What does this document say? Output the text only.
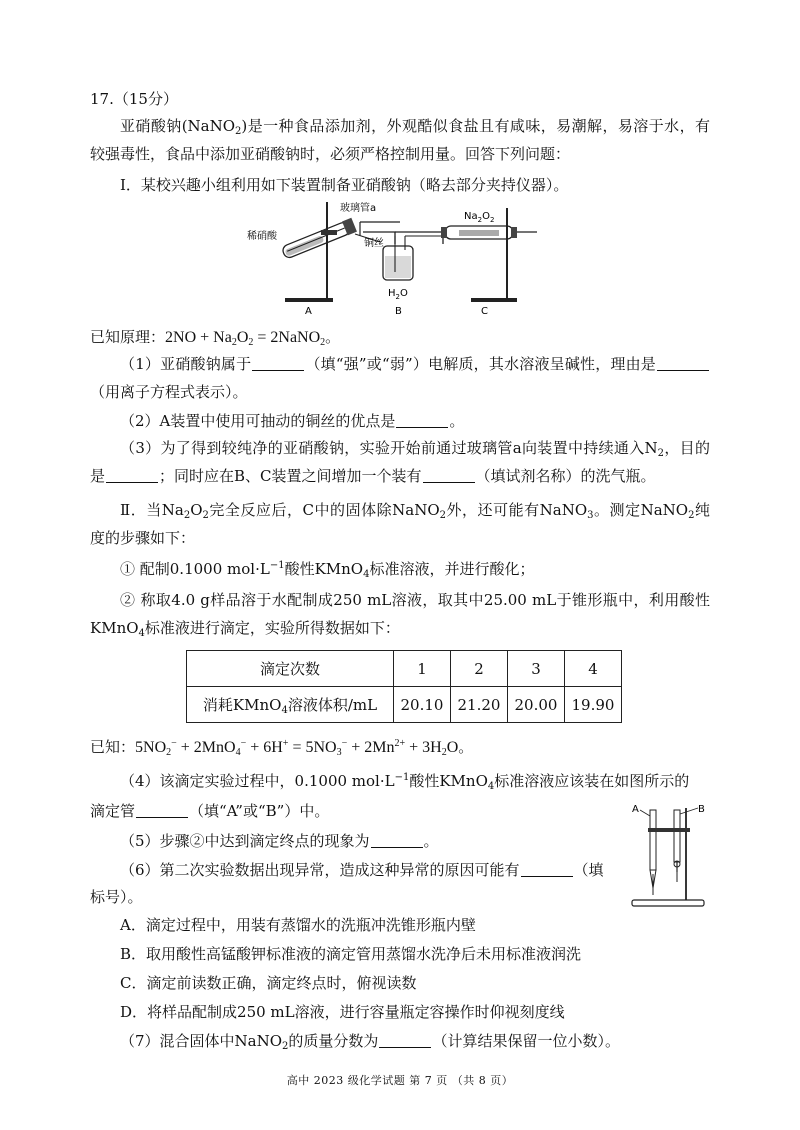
17.（15分）

亚硝酸钠(NaNO$_2$)是一种食品添加剂，外观酷似食盐且有咸味，易潮解，易溶于水，有较强毒性，食品中添加亚硝酸钠时，必须严格控制用量。回答下列问题：

Ⅰ．某校兴趣小组利用如下装置制备亚硝酸钠（略去部分夹持仪器）。

稀硝酸
玻璃管a
铜丝
$Na_2O_2$
$H_2O$
A	B	C

已知原理：$2NO + Na_2O_2$ = 2NaNO$_2$。

（1）亚硝酸钠属于	（填“强”或“弱”）电解质，其水溶液呈碱性，理由是（用离子方程式表示）。

（2）A装置中使用可抽动的铜丝的优点是	。

（3）为了得到较纯净的亚硝酸钠，实验开始前通过玻璃管a向装置中持续通入$N_2$，目的是	；同时应在B、C装置之间增加一个装有	（填试剂名称）的洗气瓶。

Ⅱ．当$Na_2O_2$完全反应后，C中的固体除NaNO$_2$外，还可能有NaNO$_3$。测定NaNO$_2$纯度的步骤如下：

① 配制0.1000 $mol\cdot L^{-1}$酸性KMnO$_4$标准溶液，并进行酸化；

② 称取4.0 g样品溶于水配制成250 mL溶液，取其中25.00 mL于锥形瓶中，利用酸性KMnO$_4$标准液进行滴定，实验所得数据如下：

滴定次数	1	2	3	4
消耗KMnO$_4$溶液体积/mL	20.10	21.20	20.00	19.90

已知：$5NO_2^- + 2MnO_4^- + 6H^+ = 5NO_3^- + 2Mn^{2+} + 3H_2O$。

（4）该滴定实验过程中，0.1000 $mol\cdot L^{-1}$酸性KMnO$_4$标准溶液应该装在如图所示的

滴定管	（填“A”或“B”）中。	A	B

（5）步骤②中达到滴定终点的现象为	。

（6）第二次实验数据出现异常，造成这种异常的原因可能有	（填

标号）。

A．滴定过程中，用装有蒸馏水的洗瓶冲洗锥形瓶内壁

B．取用酸性高锰酸钾标准液的滴定管用蒸馏水洗净后未用标准液润洗

C．滴定前读数正确，滴定终点时，俯视读数

D．将样品配制成250 mL溶液，进行容量瓶定容操作时仰视刻度线

（7）混合固体中NaNO$_2$的质量分数为	（计算结果保留一位小数）。

高中 2023 级化学试题 第 7 页 （共 8 页）
